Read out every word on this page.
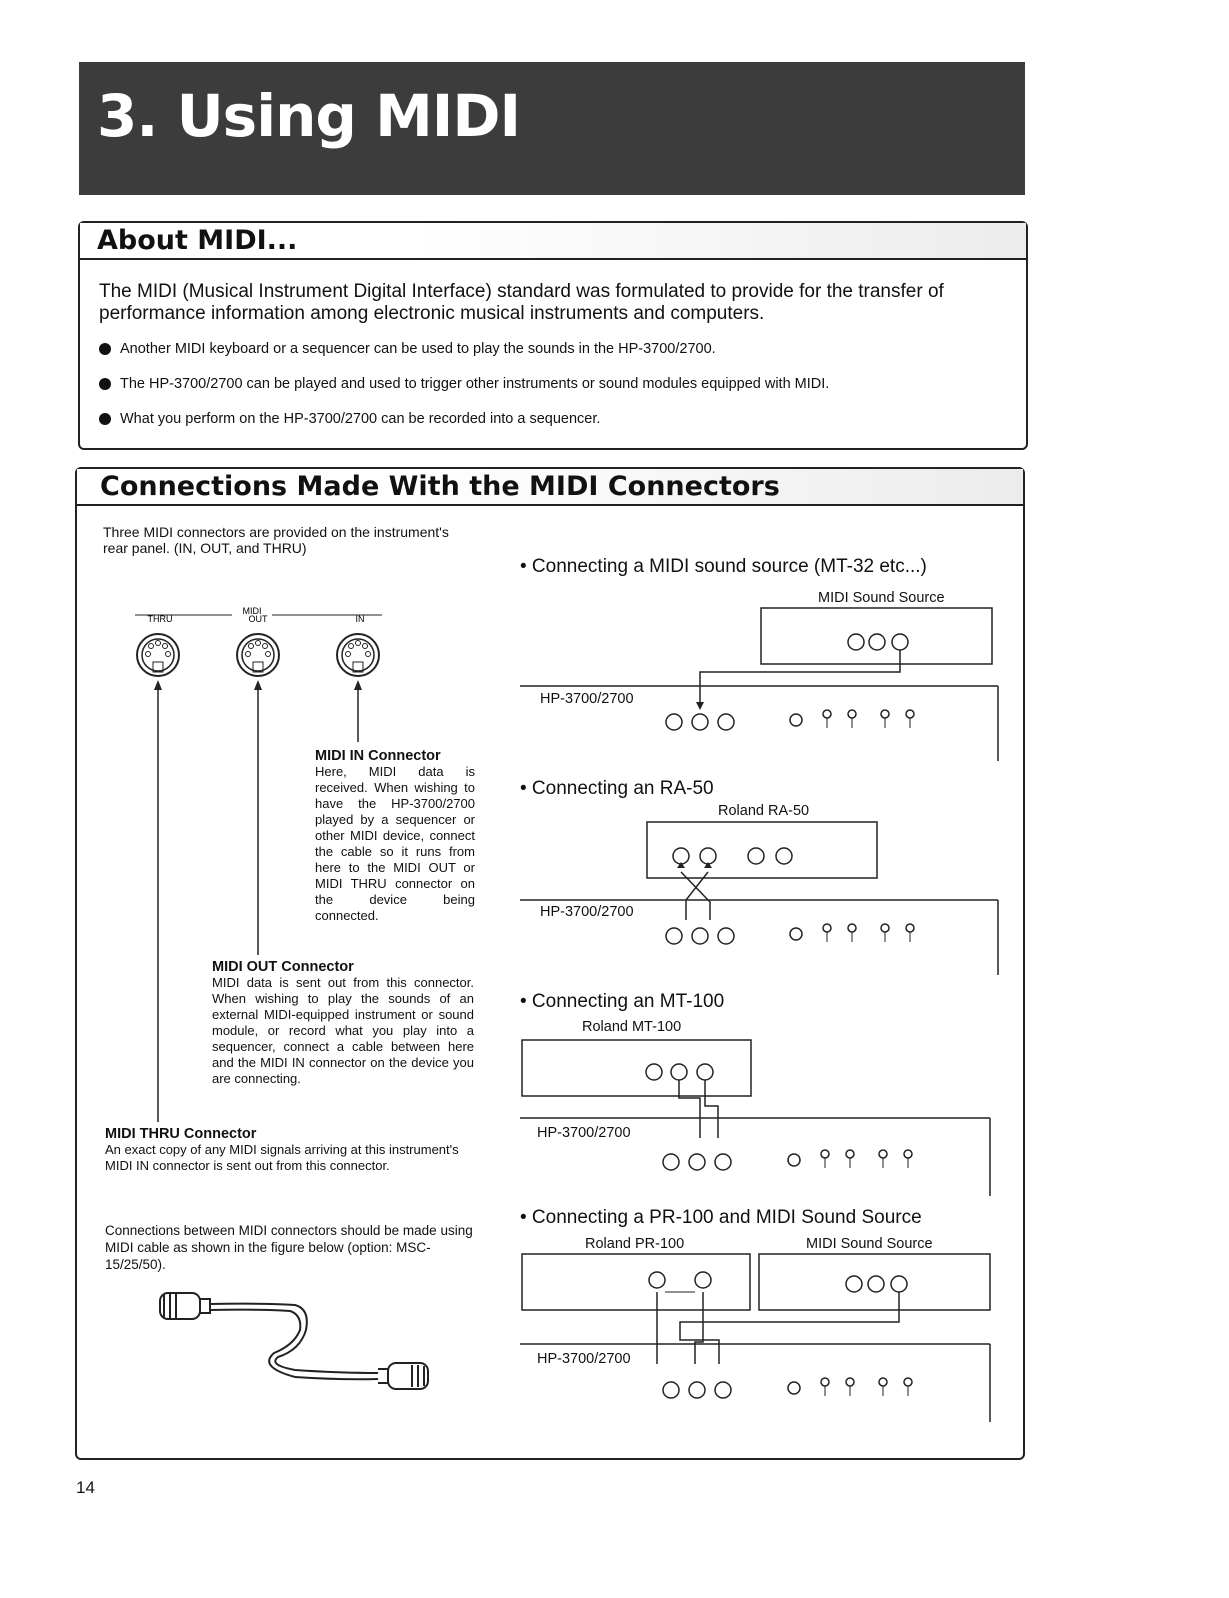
3. Using MIDI
About MIDI...
The MIDI (Musical Instrument Digital Interface) standard was formulated to provide for the transfer of performance information among electronic musical instruments and computers.
Another MIDI keyboard or a sequencer can be used to play the sounds in the HP-3700/2700.
The HP-3700/2700 can be played and used to trigger other instruments or sound modules equipped with MIDI.
What you perform on the HP-3700/2700 can be recorded into a sequencer.
Connections Made With the MIDI Connectors
Three MIDI connectors are provided on the instrument's rear panel. (IN, OUT, and THRU)
MIDI
THRU	OUT	IN
MIDI IN Connector
Here, MIDI data is received. When wishing to have the HP-3700/2700 played by a sequencer or other MIDI device, connect the cable so it runs from here to the MIDI OUT or MIDI THRU connector on the device being connected.
MIDI OUT Connector
MIDI data is sent out from this connector. When wishing to play the sounds of an external MIDI-equipped instrument or sound module, or record what you play into a sequencer, connect a cable between here and the MIDI IN connector on the device you are connecting.
MIDI THRU Connector
An exact copy of any MIDI signals arriving at this instrument's MIDI IN connector is sent out from this connector.
Connections between MIDI connectors should be made using MIDI cable as shown in the figure below (option: MSC-15/25/50).
• Connecting a MIDI sound source (MT-32 etc...)
MIDI Sound Source
HP-3700/2700
• Connecting an RA-50
Roland RA-50
HP-3700/2700
• Connecting an MT-100
Roland MT-100
HP-3700/2700
• Connecting a PR-100 and MIDI Sound Source
Roland PR-100	MIDI Sound Source
HP-3700/2700
14
